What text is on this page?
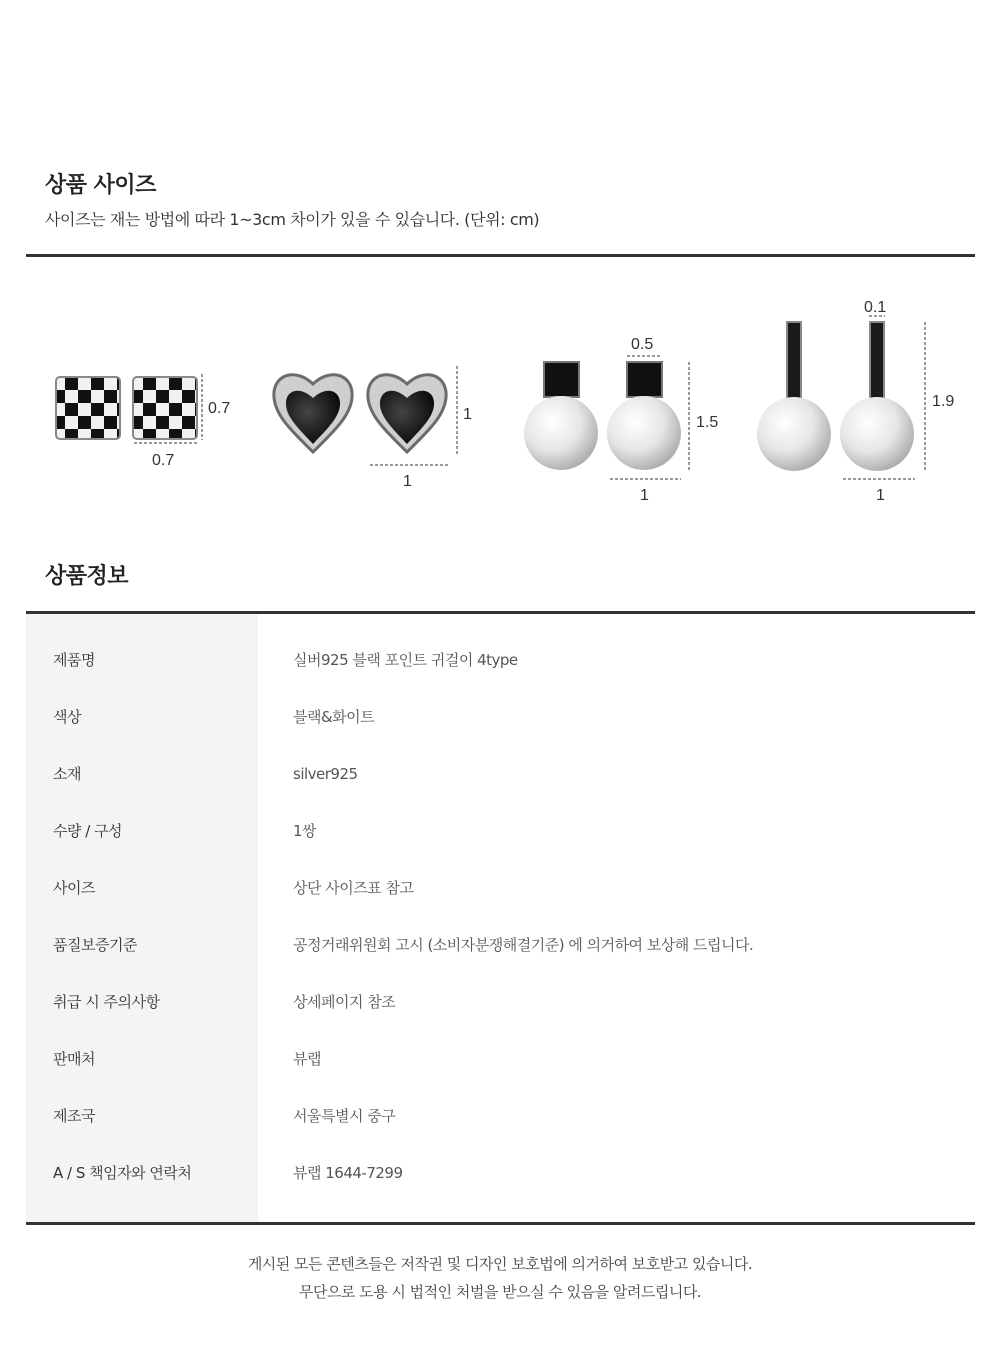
상품 사이즈

사이즈는 재는 방법에 따라 1~3cm 차이가 있을 수 있습니다. (단위: cm)

0.7
0.7
1
1
0.5
1.5
1
0.1
1.9
1
상품정보
제품명	실버925 블랙 포인트 귀걸이 4type
색상	블랙&화이트
소재	silver925
수량 / 구성	1쌍
사이즈	상단 사이즈표 참고
품질보증기준	공정거래위원회 고시 (소비자분쟁해결기준) 에 의거하여 보상해 드립니다.
취급 시 주의사항	상세페이지 참조
판매처	뷰랩
제조국	서울특별시 중구
A / S 책임자와 연락처	뷰랩 1644-7299
게시된 모든 콘텐츠들은 저작권 및 디자인 보호법에 의거하여 보호받고 있습니다.
무단으로 도용 시 법적인 처벌을 받으실 수 있음을 알려드립니다.
